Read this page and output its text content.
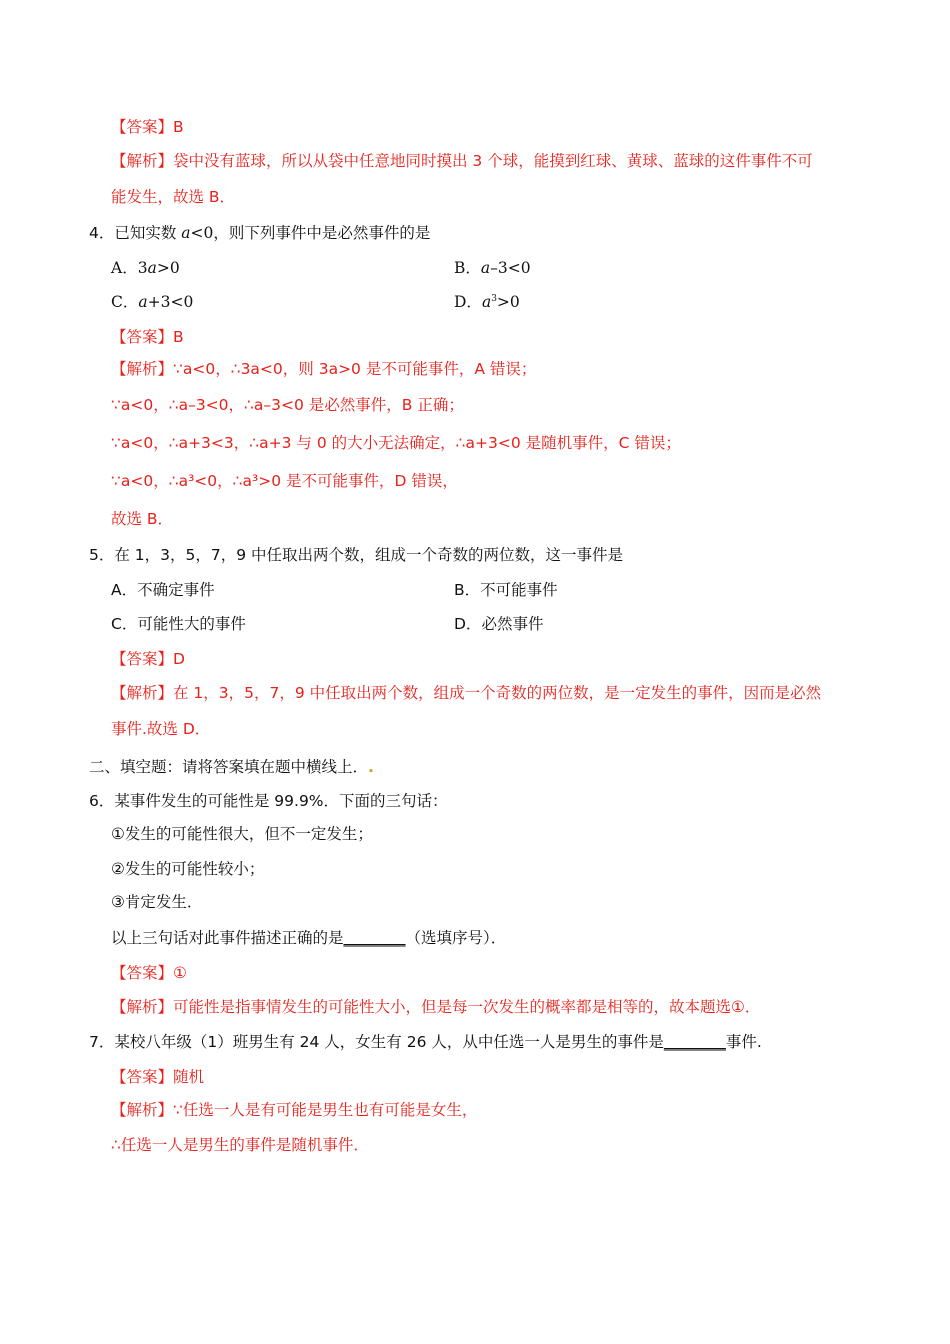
【答案】B
【解析】袋中没有蓝球，所以从袋中任意地同时摸出 3 个球，能摸到红球、黄球、蓝球的这件事件不可
能发生，故选 B．
4．已知实数 a<0，则下列事件中是必然事件的是
A．3a>0	B．a–3<0
C．a+3<0	D．$a^3>0$
【答案】B
【解析】∵a<0，∴3a<0，则 3a>0 是不可能事件，A 错误；
∵a<0，∴a–3<0，∴a–3<0 是必然事件，B 正确；
∵a<0，∴a+3<3，∴a+3 与 0 的大小无法确定，∴a+3<0 是随机事件，C 错误；
∵a<0，∴a³<0，∴a³>0 是不可能事件，D 错误，
故选 B．
5．在 1，3，5，7，9 中任取出两个数，组成一个奇数的两位数，这一事件是
A．不确定事件	B．不可能事件
C．可能性大的事件	D．必然事件
【答案】D
【解析】在 1，3，5，7，9 中任取出两个数，组成一个奇数的两位数，是一定发生的事件，因而是必然
事件.故选 D．
二、填空题：请将答案填在题中横线上．.
6．某事件发生的可能性是 99.9%．下面的三句话：
①发生的可能性很大，但不一定发生；
②发生的可能性较小；
③肯定发生．
以上三句话对此事件描述正确的是________（选填序号）．
【答案】①
【解析】可能性是指事情发生的可能性大小，但是每一次发生的概率都是相等的，故本题选①．
7．某校八年级（1）班男生有 24 人，女生有 26 人，从中任选一人是男生的事件是________事件.
【答案】随机
【解析】∵任选一人是有可能是男生也有可能是女生，
∴任选一人是男生的事件是随机事件．
